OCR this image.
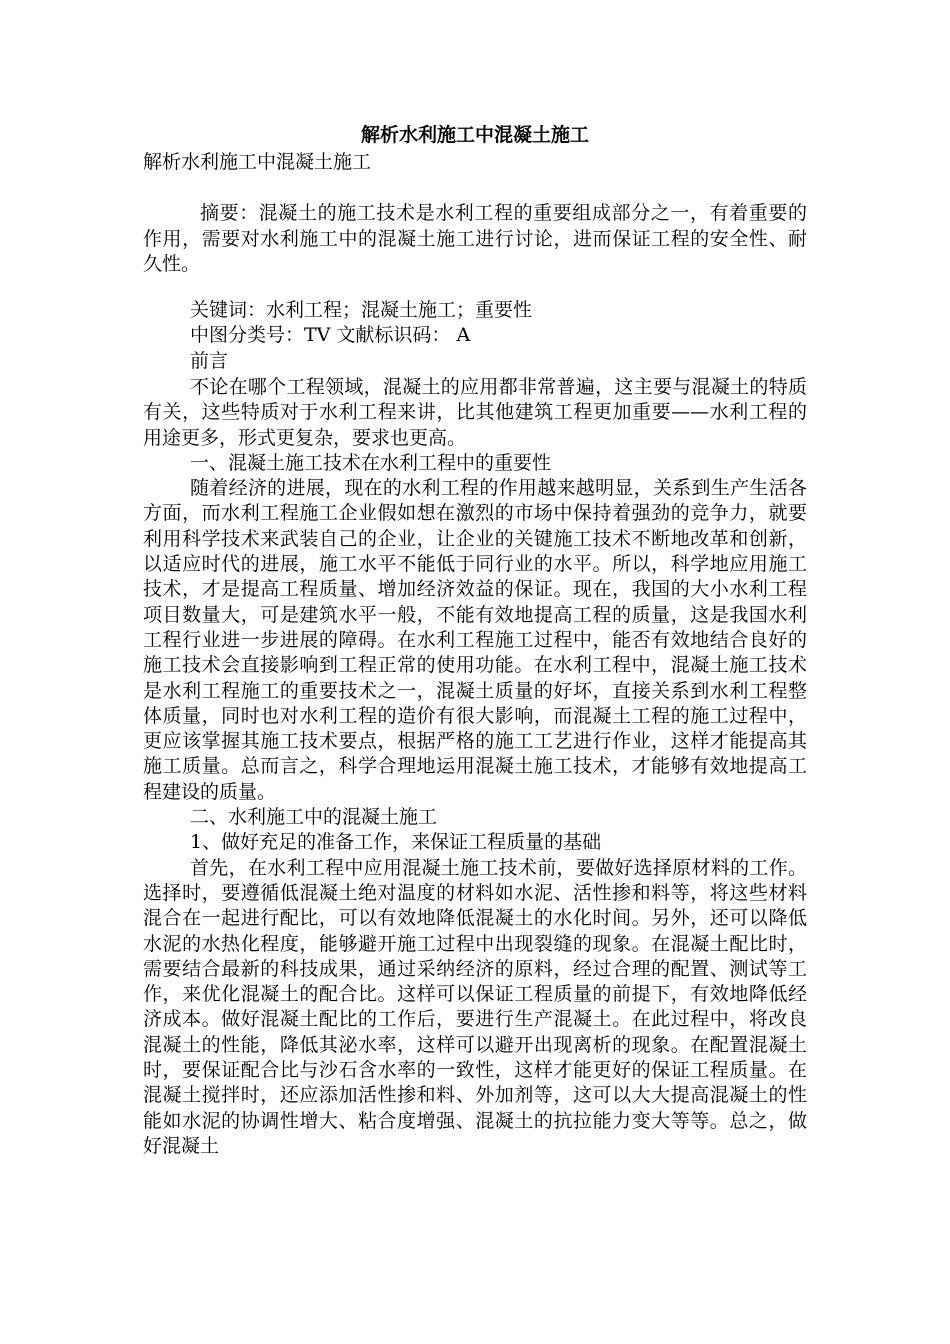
解析水利施工中混凝土施工

解析水利施工中混凝土施工

摘要：混凝土的施工技术是水利工程的重要组成部分之一，有着重要的作用，需要对水利施工中的混凝土施工进行讨论，进而保证工程的安全性、耐久性。

关键词：水利工程；混凝土施工；重要性

中图分类号：TV 文献标识码： A

前言

不论在哪个工程领域，混凝土的应用都非常普遍，这主要与混凝土的特质有关，这些特质对于水利工程来讲，比其他建筑工程更加重要——水利工程的用途更多，形式更复杂，要求也更高。

一、混凝土施工技术在水利工程中的重要性

随着经济的进展，现在的水利工程的作用越来越明显，关系到生产生活各方面，而水利工程施工企业假如想在激烈的市场中保持着强劲的竞争力，就要利用科学技术来武装自己的企业，让企业的关键施工技术不断地改革和创新，以适应时代的进展，施工水平不能低于同行业的水平。所以，科学地应用施工技术，才是提高工程质量、增加经济效益的保证。现在，我国的大小水利工程项目数量大，可是建筑水平一般，不能有效地提高工程的质量，这是我国水利工程行业进一步进展的障碍。在水利工程施工过程中，能否有效地结合良好的施工技术会直接影响到工程正常的使用功能。在水利工程中，混凝土施工技术是水利工程施工的重要技术之一，混凝土质量的好坏，直接关系到水利工程整体质量，同时也对水利工程的造价有很大影响，而混凝土工程的施工过程中，更应该掌握其施工技术要点，根据严格的施工工艺进行作业，这样才能提高其施工质量。总而言之，科学合理地运用混凝土施工技术，才能够有效地提高工程建设的质量。

二、水利施工中的混凝土施工

1、做好充足的准备工作，来保证工程质量的基础

首先，在水利工程中应用混凝土施工技术前，要做好选择原材料的工作。选择时，要遵循低混凝土绝对温度的材料如水泥、活性掺和料等，将这些材料混合在一起进行配比，可以有效地降低混凝土的水化时间。另外，还可以降低水泥的水热化程度，能够避开施工过程中出现裂缝的现象。在混凝土配比时，需要结合最新的科技成果，通过采纳经济的原料，经过合理的配置、测试等工作，来优化混凝土的配合比。这样可以保证工程质量的前提下，有效地降低经济成本。做好混凝土配比的工作后，要进行生产混凝土。在此过程中，将改良混凝土的性能，降低其泌水率，这样可以避开出现离析的现象。在配置混凝土时，要保证配合比与沙石含水率的一致性，这样才能更好的保证工程质量。在混凝土搅拌时，还应添加活性掺和料、外加剂等，这可以大大提高混凝土的性能如水泥的协调性增大、粘合度增强、混凝土的抗拉能力变大等等。总之，做好混凝土
